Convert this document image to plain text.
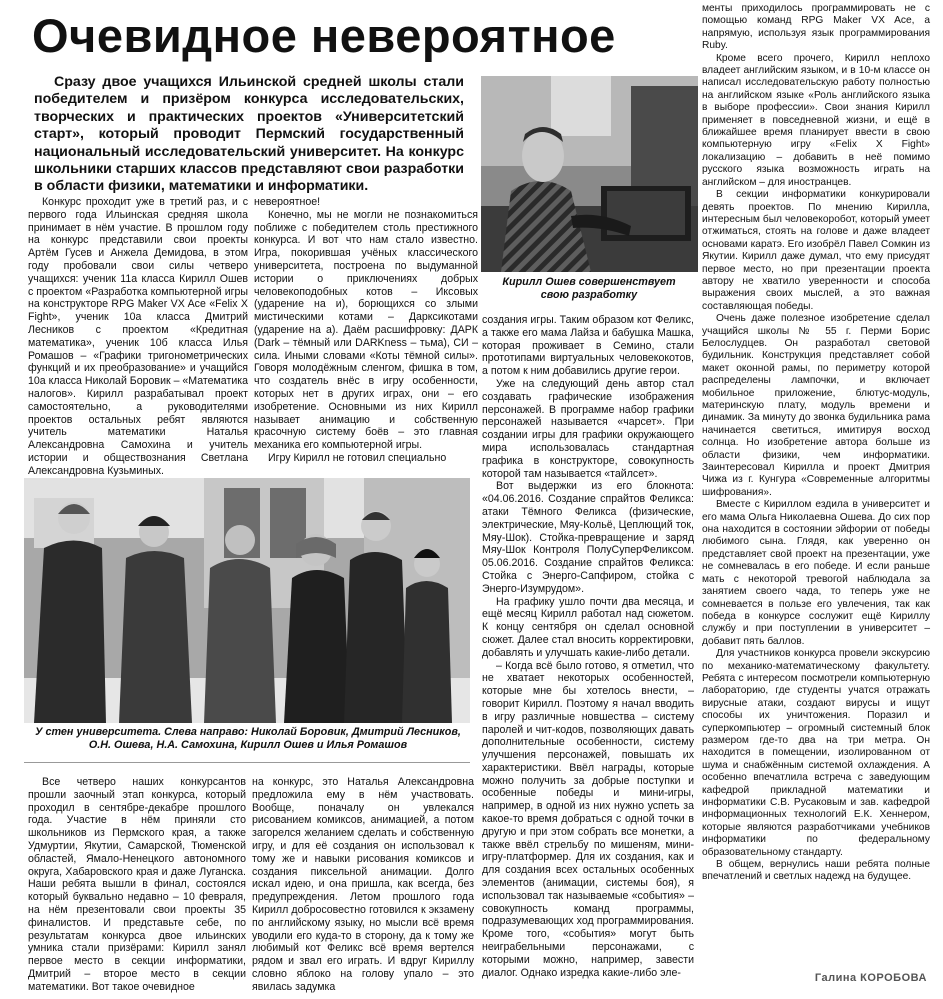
Очевидное невероятное
Сразу двое учащихся Ильинской средней школы стали победителем и призёром конкурса исследовательских, творческих и практических проектов «Университетский старт», который проводит Пермский государственный национальный исследовательский университет. На конкурс школьники старших классов представляют свои разработки в области физики, математики и информатики.
Кирилл Ошев совершенствует свою разработку

Конкурс проходит уже в третий раз, и с первого года Ильинская средняя школа принимает в нём участие. В прошлом году на конкурс представили свои проекты Артём Гусев и Анжела Демидова, в этом году пробовали свои силы четверо учащихся: ученик 11а класса Кирилл Ошев с проектом «Разработка компьютерной игры на конструкторе RPG Maker VX Ace «Felix X Fight», ученик 10а класса Дмитрий Лесников с проектом «Кредитная математика», ученик 10б класса Илья Ромашов – «Графики тригонометрических функций и их преобразование» и учащийся 10а класса Николай Боровик – «Математика налогов». Кирилл разрабатывал проект самостоятельно, а руководителями проектов остальных ребят являются учитель математики Наталья Александровна Самохина и учитель истории и обществознания Светлана Александровна Кузьминых.

невероятное!

Конечно, мы не могли не познакомиться поближе с победителем столь престижного конкурса. И вот что нам стало известно. Игра, покорившая учёных классического университета, построена по выдуманной истории о приключениях добрых человекоподобных котов – Иксовых (ударение на и), борющихся со злыми мистическими котами – Дарксикотами (ударение на а). Даём расшифровку: ДАРК (Dark – тёмный или DARKness – тьма), СИ – сила. Иными словами «Коты тёмной силы». Говоря молодёжным сленгом, фишка в том, что создатель внёс в игру особенности, которых нет в других играх, они – его изобретение. Основными из них Кирилл называет анимацию и собственную красочную систему боёв – это главная механика его компьютерной игры.

Игру Кирилл не готовил специально

создания игры. Таким образом кот Феликс, а также его мама Лайза и бабушка Машка, которая проживает в Семино, стали прототипами виртуальных человекокотов, а потом к ним добавились другие герои.

Уже на следующий день автор стал создавать графические изображения персонажей. В программе набор графики персонажей называется «чарсет». При создании игры для графики окружающего мира использовалась стандартная графика в конструкторе, совокупность которой там называется «тайлсет».

Вот выдержки из его блокнота: «04.06.2016. Создание спрайтов Феликса: атаки Тёмного Феликса (физические, электрические, Мяу-Кольё, Цеплющий ток, Мяу-Шок). Стойка-превращение и заряд Мяу-Шок Контроля ПолуСуперФеликсом. 05.06.2016. Создание спрайтов Феликса: Стойка с Энерго-Сапфиром, стойка с Энерго-Изумрудом».

На графику ушло почти два месяца, и ещё месяц Кирилл работал над сюжетом. К концу сентября он сделал основной сюжет. Далее стал вносить корректировки, добавлять и улучшать какие-либо детали.

– Когда всё было готово, я отметил, что не хватает некоторых особенностей, которые мне бы хотелось внести, – говорит Кирилл. Поэтому я начал вводить в игру различные новшества – систему паролей и чит-кодов, позволяющих давать дополнительные особенности, систему улучшения персонажей, повышать их характеристики. Ввёл награды, которые можно получить за добрые поступки и особенные победы и мини-игры, например, в одной из них нужно успеть за какое-то время добраться с одной точки в другую и при этом собрать все монетки, а также ввёл стрельбу по мишеням, мини-игру-платформер. Для их создания, как и для создания всех остальных особенных элементов (анимации, системы боя), я использовал так называемые «события» – совокупность команд программы, подразумевающих ход программирования. Кроме того, «события» могут быть неиграбельными персонажами, с которыми можно, например, завести диалог. Однако изредка какие-либо эле-

менты приходилось программировать не с помощью команд RPG Maker VX Ace, а напрямую, используя язык программирования Ruby.

Кроме всего прочего, Кирилл неплохо владеет английским языком, и в 10-м классе он написал исследовательскую работу полностью на английском языке «Роль английского языка в выборе профессии». Свои знания Кирилл применяет в повседневной жизни, и ещё в ближайшее время планирует ввести в свою компьютерную игру «Felix X Fight» локализацию – добавить в неё помимо русского языка возможность играть на английском – для иностранцев.

В секции информатики конкурировали девять проектов. По мнению Кирилла, интересным был человекоробот, который умеет отжиматься, стоять на голове и даже владеет основами каратэ. Его изобрёл Павел Сомкин из Якутии. Кирилл даже думал, что ему присудят первое место, но при презентации проекта автору не хватило уверенности и способа выражения своих мыслей, а это важная составляющая победы.

Очень даже полезное изобретение сделал учащийся школы № 55 г. Перми Борис Белослудцев. Он разработал световой будильник. Конструкция представляет собой макет оконной рамы, по периметру которой распределены лампочки, и включает мобильное приложение, блютус-модуль, материнскую плату, модуль времени и динамик. За минуту до звонка будильника рама начинается светиться, имитируя восход солнца. Но изобретение автора больше из области физики, чем информатики. Заинтересовал Кирилла и проект Дмитрия Чижа из г. Кунгура «Современные алгоритмы шифрования».

Вместе с Кириллом ездила в университет и его мама Ольга Николаевна Ошева. До сих пор она находится в состоянии эйфории от победы любимого сына. Глядя, как уверенно он представляет свой проект на презентации, уже не сомневалась в его победе. И если раньше мать с некоторой тревогой наблюдала за занятием своего чада, то теперь уже не сомневается в пользе его увлечения, так как победа в конкурсе сослужит ещё Кириллу службу и при поступлении в университет – добавит пять баллов.

Для участников конкурса провели экскурсию по механико-математическому факультету. Ребята с интересом посмотрели компьютерную лабораторию, где студенты учатся отражать вирусные атаки, создают вирусы и ищут способы их уничтожения. Поразил и суперкомпьютер – огромный системный блок размером где-то два на три метра. Он находится в помещении, изолированном от шума и снабжённым системой охлаждения. А особенно впечатлила встреча с заведующим кафедрой прикладной математики и информатики С.В. Русаковым и зав. кафедрой информационных технологий Е.К. Хеннером, которые являются разработчиками учебников информатики по федеральному образовательному стандарту.

В общем, вернулись наши ребята полные впечатлений и светлых надежд на будущее.

У стен университета. Слева направо: Николай Боровик, Дмитрий Лесников, О.Н. Ошева, Н.А. Самохина, Кирилл Ошев и Илья Ромашов

Все четверо наших конкурсантов прошли заочный этап конкурса, который проходил в сентябре-декабре прошлого года. Участие в нём приняли сто школьников из Пермского края, а также Удмуртии, Якутии, Самарской, Тюменской областей, Ямало-Ненецкого автономного округа, Хабаровского края и даже Луганска. Наши ребята вышли в финал, состоялся который буквально недавно – 10 февраля, на нём презентовали свои проекты 35 финалистов. И представьте себе, по результатам конкурса двое ильинских умника стали призёрами: Кирилл занял первое место в секции информатики, Дмитрий – второе место в секции математики. Вот такое очевидное

на конкурс, это Наталья Александровна предложила ему в нём участвовать. Вообще, поначалу он увлекался рисованием комиксов, анимацией, а потом загорелся желанием сделать и собственную игру, и для её создания он использовал к тому же и навыки рисования комиксов и создания пиксельной анимации. Долго искал идею, и она пришла, как всегда, без предупреждения. Летом прошлого года Кирилл добросовестно готовился к экзамену по английскому языку, но мысли всё время уводили его куда-то в сторону, да к тому же любимый кот Феликс всё время вертелся рядом и звал его играть. И вдруг Кириллу словно яблоко на голову упало – это явилась задумка

Галина КОРОБОВА
